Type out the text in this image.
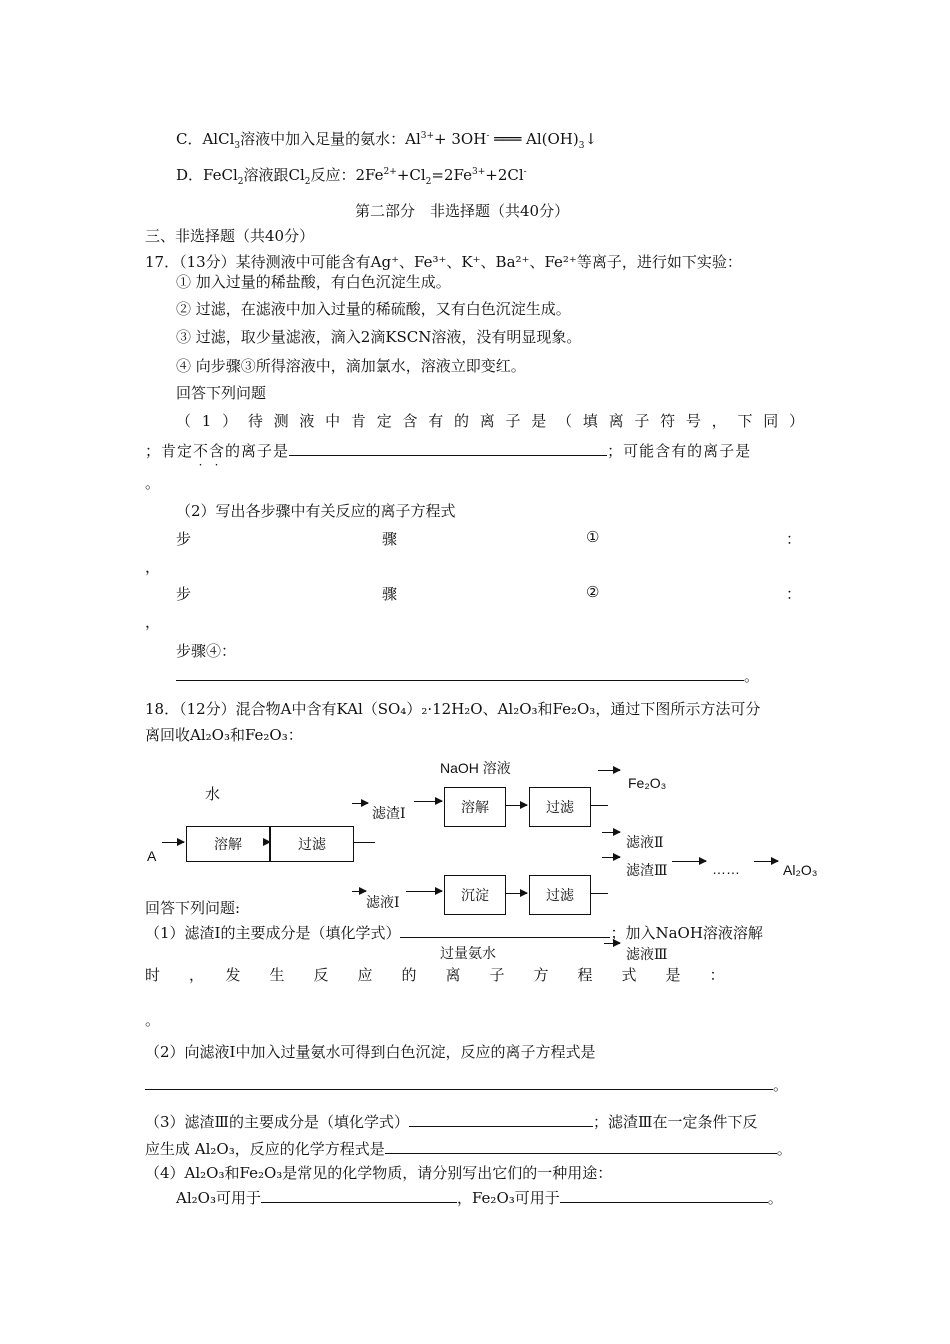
C．AlCl$_3$溶液中加入足量的氨水：$Al^{3+}+ 3OH^-$ ═══ $Al(OH)_3↓$
D．FeCl$_2$溶液跟$Cl_2$反应：$2Fe^{2+}+Cl_2=2Fe^{3+}+2Cl^-$
第二部分　非选择题（共40分）
三、非选择题（共40分）
17．（13分）某待测液中可能含有Ag⁺、Fe³⁺、K⁺、Ba²⁺、Fe²⁺等离子，进行如下实验：
① 加入过量的稀盐酸，有白色沉淀生成。
② 过滤，在滤液中加入过量的稀硫酸，又有白色沉淀生成。
③ 过滤，取少量滤液，滴入2滴KSCN溶液，没有明显现象。
④ 向步骤③所得溶液中，滴加氯水，溶液立即变红。
回答下列问题
（ 1 ） 待 测 液 中 肯 定 含 有 的 离 子 是 （ 填 离 子 符 号 ， 下 同 ）
；肯定不含的离子是	；可能含有的离子是
。
（2）写出各步骤中有关反应的离子方程式
步	骤	①	：
，
步	骤	②	：
，
步骤④：
。
18．（12分）混合物A中含有KAl（SO₄）₂·12H₂O、Al₂O₃和Fe₂O₃，通过下图所示方法可分
离回收Al₂O₃和Fe₂O₃：
水
A
溶解	过滤
NaOH 溶液
滤渣Ⅰ	溶解	过滤
Fe₂O₃
滤液Ⅱ
滤渣Ⅲ	……	Al₂O₃
滤液Ⅰ	沉淀	过滤
过量氨水	滤液Ⅲ
回答下列问题:
（1）滤渣Ⅰ的主要成分是（填化学式）	；加入NaOH溶液溶解
时　，　发　生　反　应　的　离　子　方　程　式　是　：
。
（2）向滤液Ⅰ中加入过量氨水可得到白色沉淀，反应的离子方程式是
。
（3）滤渣Ⅲ的主要成分是（填化学式）	；滤渣Ⅲ在一定条件下反
应生成 Al₂O₃，反应的化学方程式是	。
（4）Al₂O₃和Fe₂O₃是常见的化学物质，请分别写出它们的一种用途：
Al₂O₃可用于	，Fe₂O₃可用于	。
